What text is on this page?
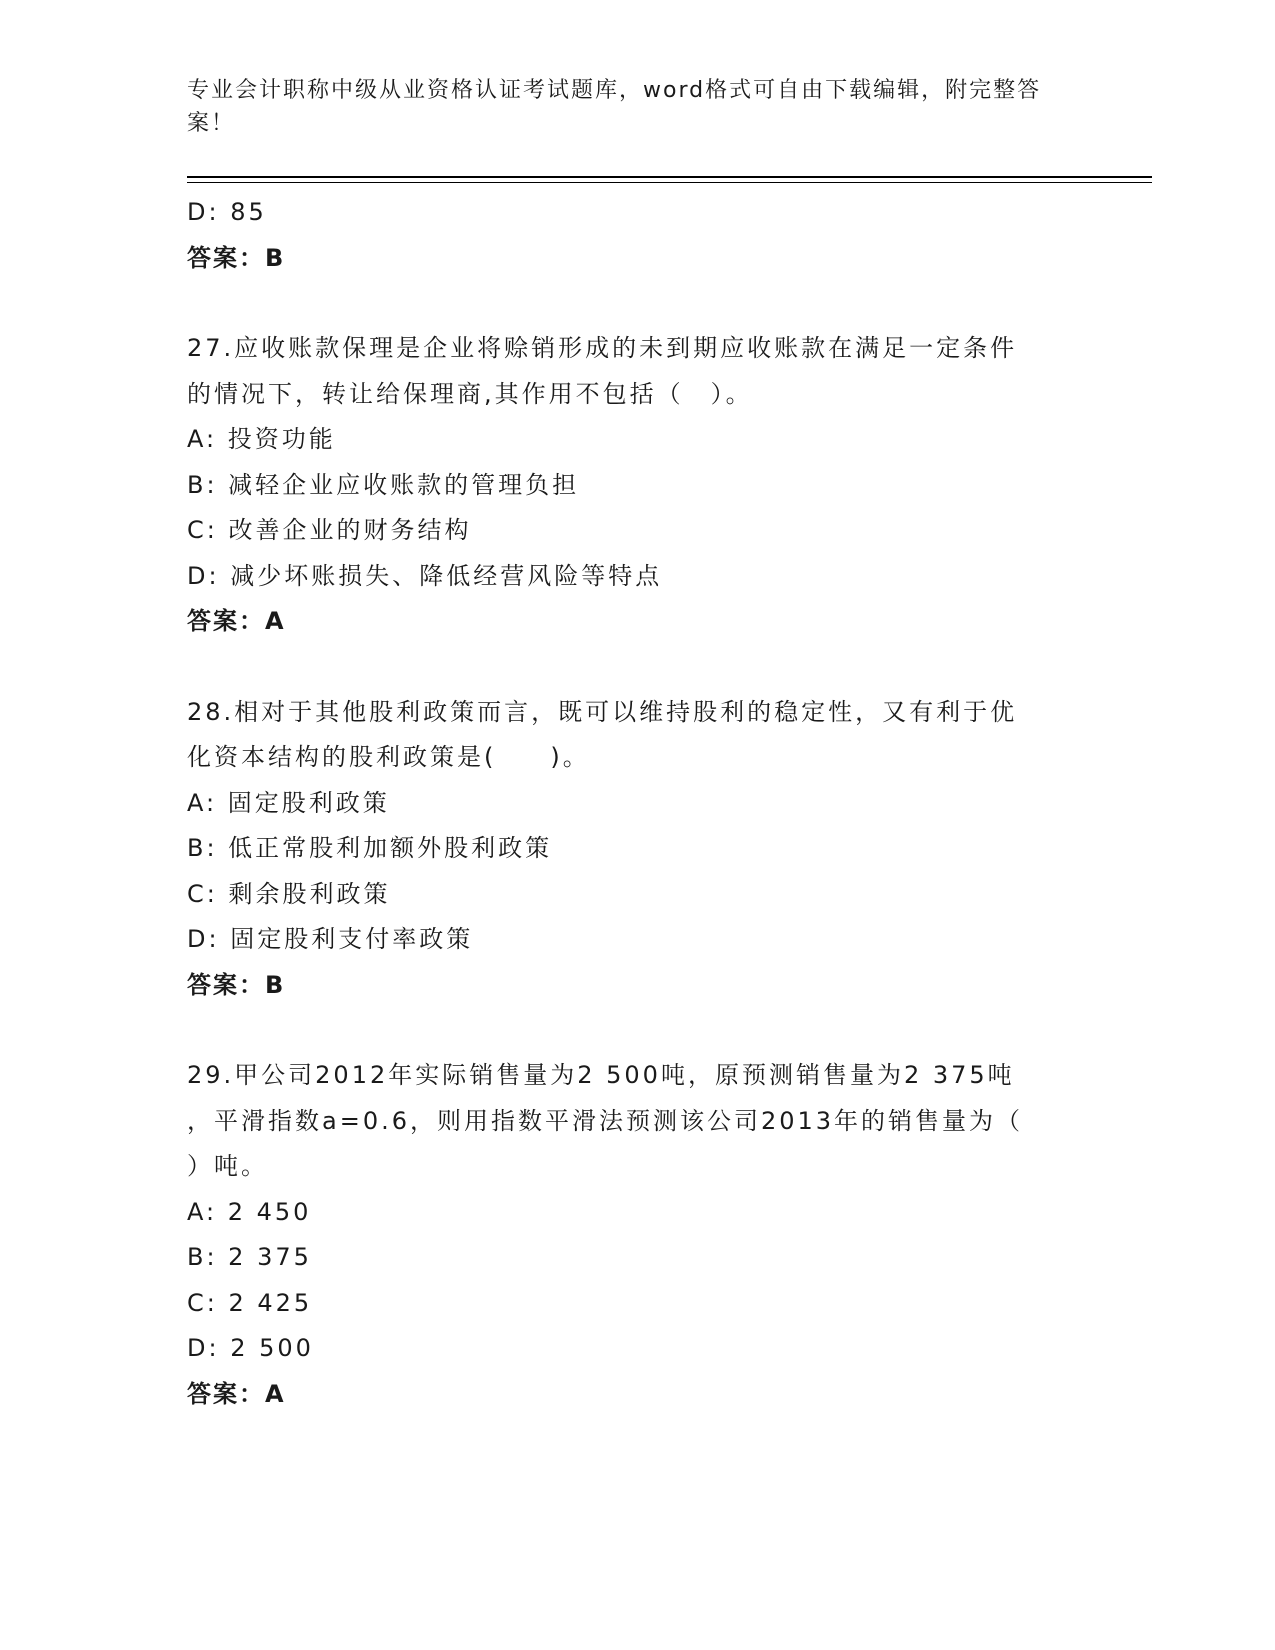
专业会计职称中级从业资格认证考试题库，word格式可自由下载编辑，附完整答案！
D: 85
答案：B
27.应收账款保理是企业将赊销形成的未到期应收账款在满足一定条件
的情况下，转让给保理商,其作用不包括（　）。
A: 投资功能
B: 减轻企业应收账款的管理负担
C: 改善企业的财务结构
D: 减少坏账损失、降低经营风险等特点
答案：A
28.相对于其他股利政策而言，既可以维持股利的稳定性，又有利于优
化资本结构的股利政策是(　　)。
A: 固定股利政策
B: 低正常股利加额外股利政策
C: 剩余股利政策
D: 固定股利支付率政策
答案：B
29.甲公司2012年实际销售量为2 500吨，原预测销售量为2 375吨
，平滑指数a=0.6，则用指数平滑法预测该公司2013年的销售量为（
）吨。
A: 2 450
B: 2 375
C: 2 425
D: 2 500
答案：A
